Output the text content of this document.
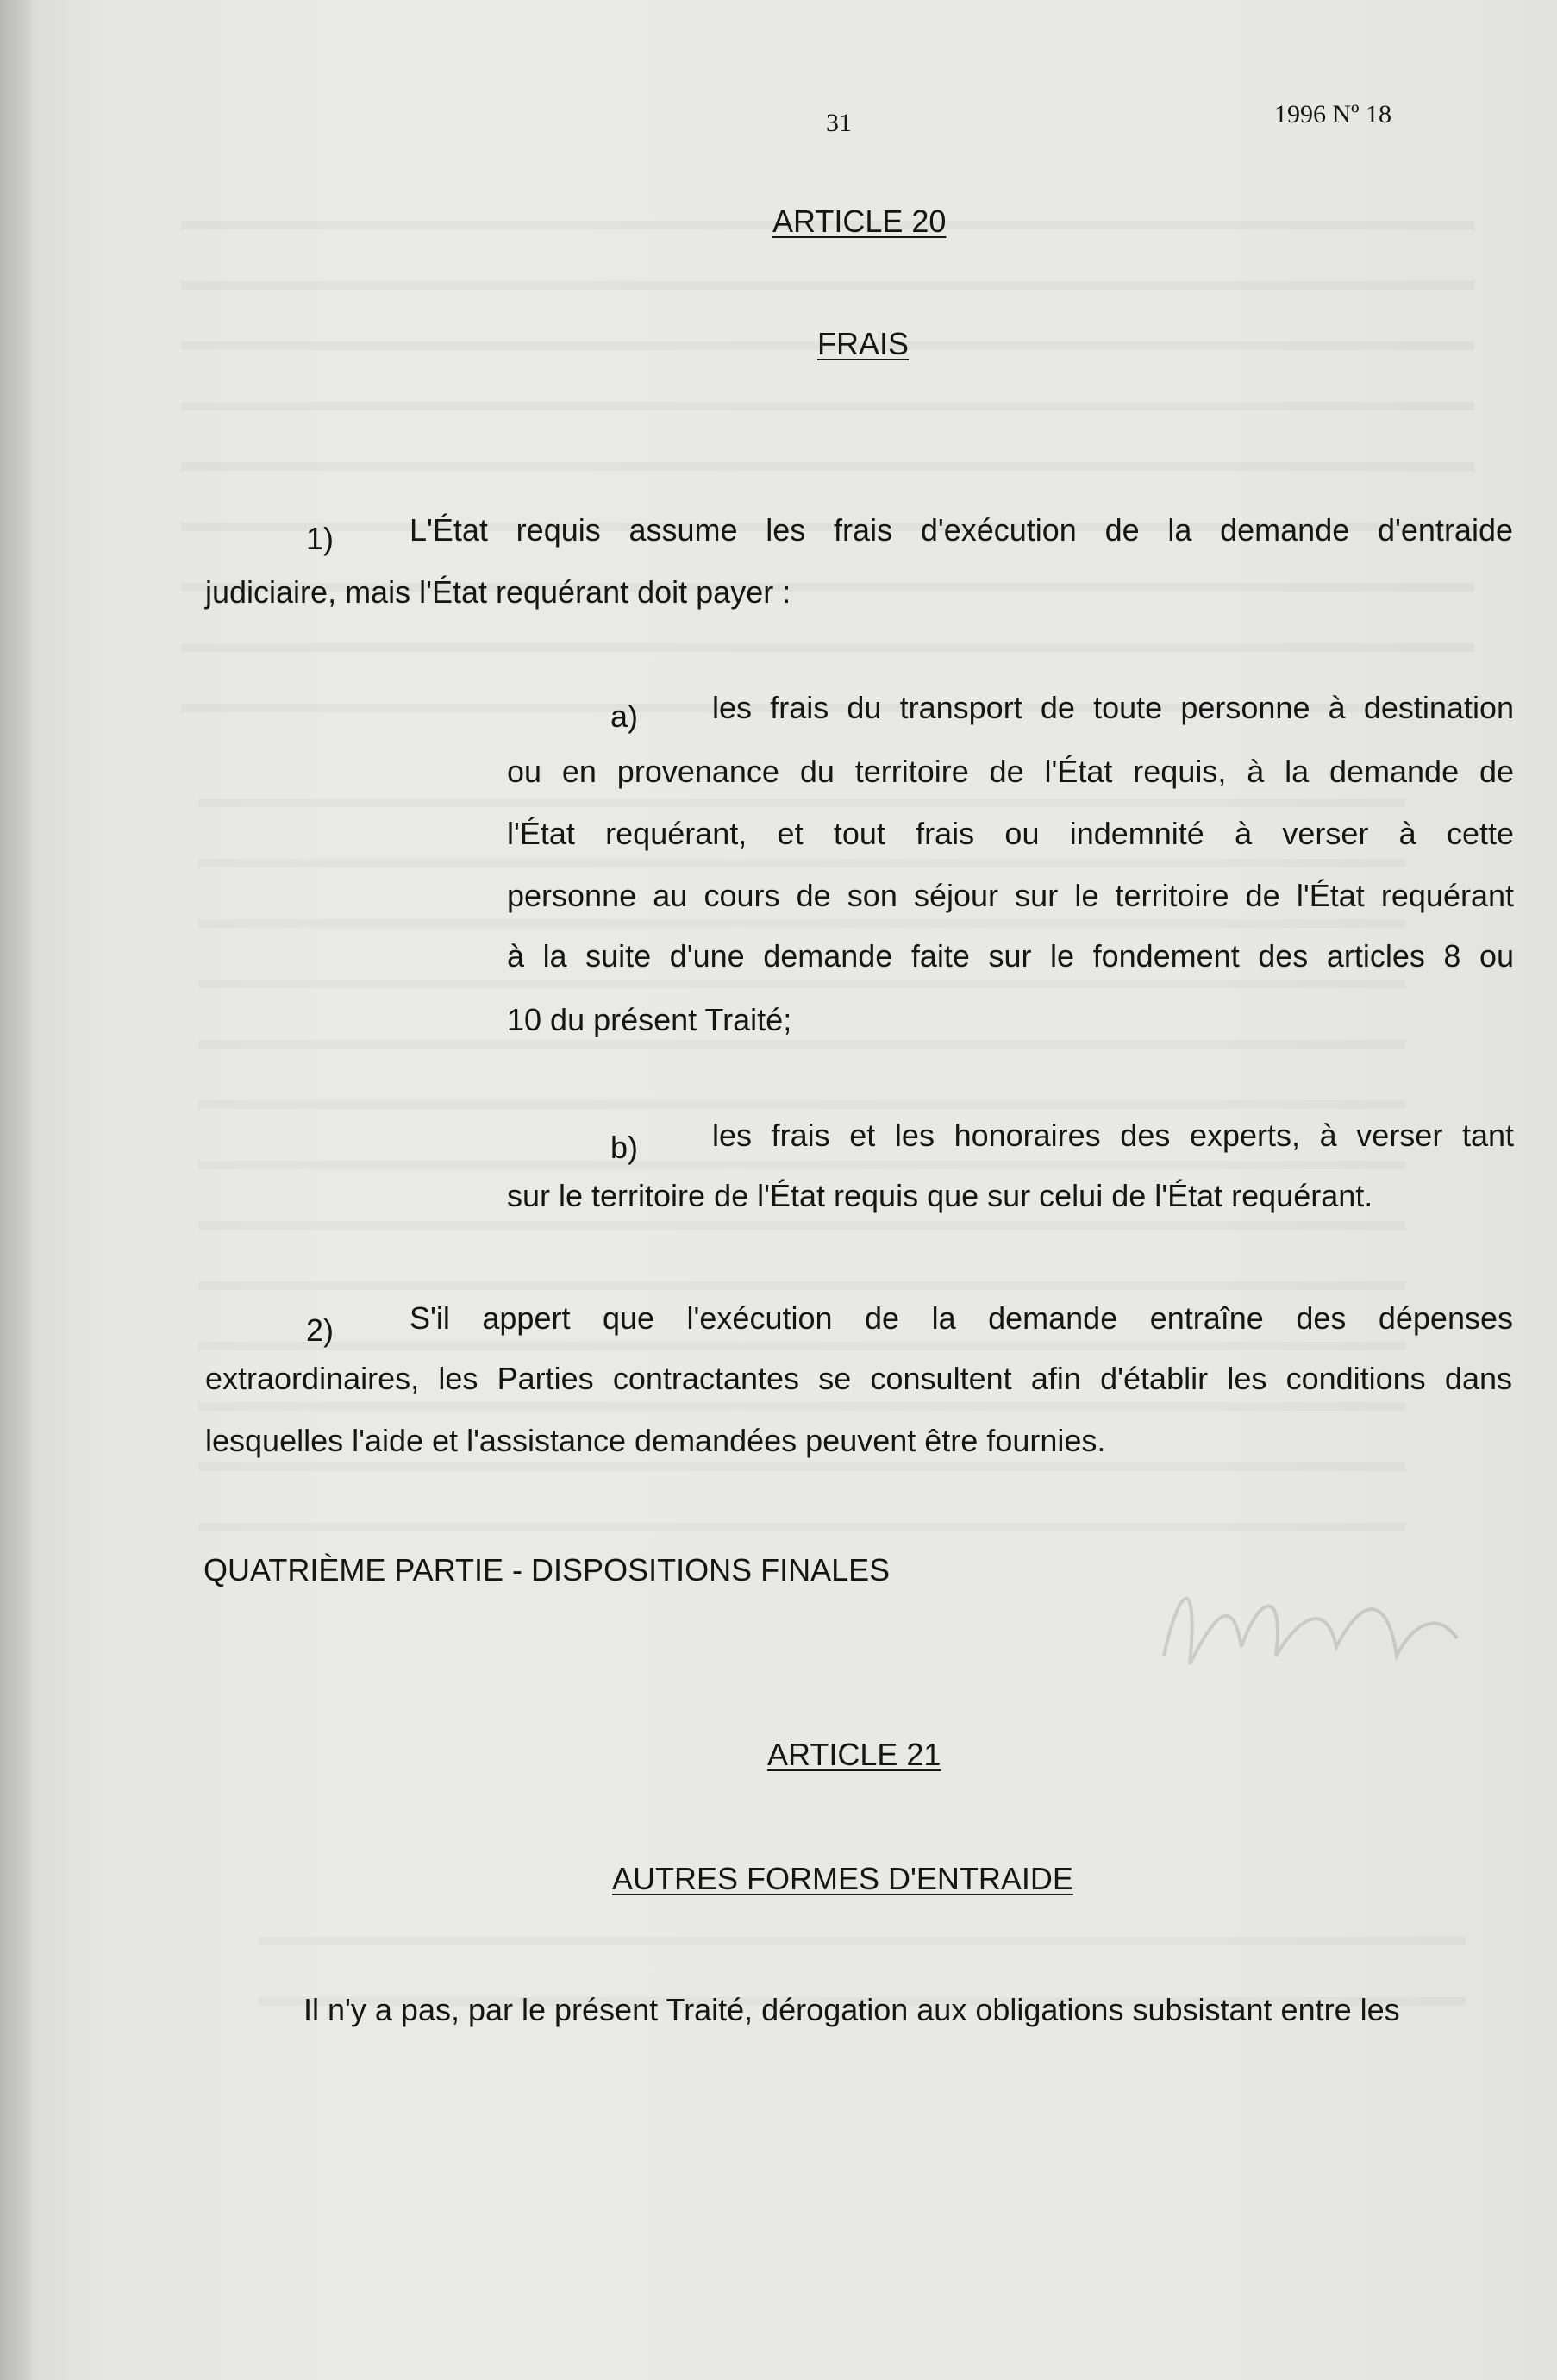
31	1996 Nº 18
ARTICLE 20
FRAIS
1) L'État requis assume les frais d'exécution de la demande d'entraide
judiciaire, mais l'État requérant doit payer :
a) les frais du transport de toute personne à destination
ou en provenance du territoire de l'État requis, à la demande de
l'État requérant, et tout frais ou indemnité à verser à cette
personne au cours de son séjour sur le territoire de l'État requérant
à la suite d'une demande faite sur le fondement des articles 8 ou
10 du présent Traité;
b) les frais et les honoraires des experts, à verser tant
sur le territoire de l'État requis que sur celui de l'État requérant.
2) S'il appert que l'exécution de la demande entraîne des dépenses
extraordinaires, les Parties contractantes se consultent afin d'établir les conditions dans
lesquelles l'aide et l'assistance demandées peuvent être fournies.
QUATRIÈME PARTIE - DISPOSITIONS FINALES
ARTICLE 21
AUTRES FORMES D'ENTRAIDE
Il n'y a pas, par le présent Traité, dérogation aux obligations subsistant entre les
